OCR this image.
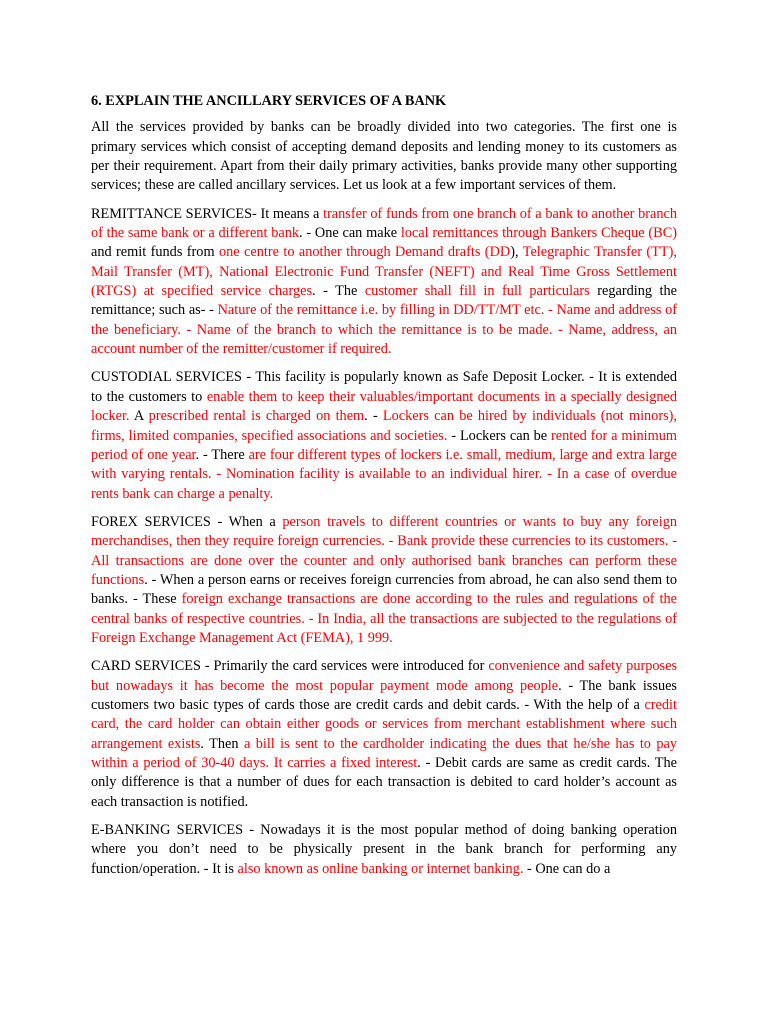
6. EXPLAIN THE ANCILLARY SERVICES OF A BANK

All the services provided by banks can be broadly divided into two categories. The first one is primary services which consist of accepting demand deposits and lending money to its customers as per their requirement. Apart from their daily primary activities, banks provide many other supporting services; these are called ancillary services. Let us look at a few important services of them.

REMITTANCE SERVICES- It means a transfer of funds from one branch of a bank to another branch of the same bank or a different bank. - One can make local remittances through Bankers Cheque (BC) and remit funds from one centre to another through Demand drafts (DD), Telegraphic Transfer (TT), Mail Transfer (MT), National Electronic Fund Transfer (NEFT) and Real Time Gross Settlement (RTGS) at specified service charges. - The customer shall fill in full particulars regarding the remittance; such as- - Nature of the remittance i.e. by filling in DD/TT/MT etc. - Name and address of the beneficiary. - Name of the branch to which the remittance is to be made. - Name, address, an account number of the remitter/customer if required.

CUSTODIAL SERVICES - This facility is popularly known as Safe Deposit Locker. - It is extended to the customers to enable them to keep their valuables/important documents in a specially designed locker. A prescribed rental is charged on them. - Lockers can be hired by individuals (not minors), firms, limited companies, specified associations and societies. - Lockers can be rented for a minimum period of one year. - There are four different types of lockers i.e. small, medium, large and extra large with varying rentals. - Nomination facility is available to an individual hirer. - In a case of overdue rents bank can charge a penalty.

FOREX SERVICES - When a person travels to different countries or wants to buy any foreign merchandises, then they require foreign currencies. - Bank provide these currencies to its customers. - All transactions are done over the counter and only authorised bank branches can perform these functions. - When a person earns or receives foreign currencies from abroad, he can also send them to banks. - These foreign exchange transactions are done according to the rules and regulations of the central banks of respective countries. - In India, all the transactions are subjected to the regulations of Foreign Exchange Management Act (FEMA), 1 999.

CARD SERVICES - Primarily the card services were introduced for convenience and safety purposes but nowadays it has become the most popular payment mode among people. - The bank issues customers two basic types of cards those are credit cards and debit cards. - With the help of a credit card, the card holder can obtain either goods or services from merchant establishment where such arrangement exists. Then a bill is sent to the cardholder indicating the dues that he/she has to pay within a period of 30-40 days. It carries a fixed interest. - Debit cards are same as credit cards. The only difference is that a number of dues for each transaction is debited to card holder’s account as each transaction is notified.

E-BANKING SERVICES - Nowadays it is the most popular method of doing banking operation where you don’t need to be physically present in the bank branch for performing any function/operation. - It is also known as online banking or internet banking. - One can do a
